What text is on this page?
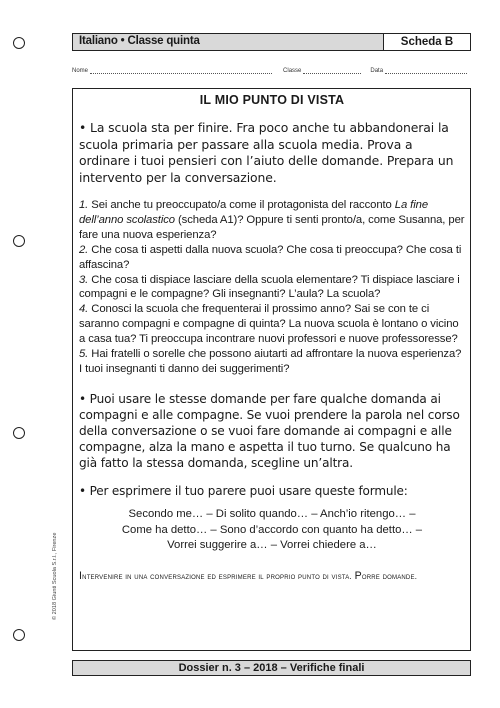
Italiano • Classe quinta	Scheda B
Nome	Classe	Data
IL MIO PUNTO DI VISTA

• La scuola sta per finire. Fra poco anche tu abbandonerai la scuola primaria per passare alla scuola media. Prova a ordinare i tuoi pensieri con l’aiuto delle domande. Prepara un intervento per la conversazione.

1. Sei anche tu preoccupato/a come il protagonista del racconto La fine dell’anno scolastico (scheda A1)? Oppure ti senti pronto/a, come Susanna, per fare una nuova esperienza?

2. Che cosa ti aspetti dalla nuova scuola? Che cosa ti preoccupa? Che cosa ti affascina?

3. Che cosa ti dispiace lasciare della scuola elementare? Ti dispiace lasciare i compagni e le compagne? Gli insegnanti? L’aula? La scuola?

4. Conosci la scuola che frequenterai il prossimo anno? Sai se con te ci saranno compagni e compagne di quinta? La nuova scuola è lontano o vicino a casa tua? Ti preoccupa incontrare nuovi professori e nuove professoresse?

5. Hai fratelli o sorelle che possono aiutarti ad affrontare la nuova esperienza? I tuoi insegnanti ti danno dei suggerimenti?

• Puoi usare le stesse domande per fare qualche domanda ai compagni e alle compagne. Se vuoi prendere la parola nel corso della conversazione o se vuoi fare domande ai compagni e alle compagne, alza la mano e aspetta il tuo turno. Se qualcuno ha già fatto la stessa domanda, scegline un’altra.

• Per esprimere il tuo parere puoi usare queste formule:

Secondo me… – Di solito quando… – Anch’io ritengo… –

Come ha detto… – Sono d’accordo con quanto ha detto… –

Vorrei suggerire a… – Vorrei chiedere a…

Intervenire in una conversazione ed esprimere il proprio punto di vista. Porre domande.
© 2018 Giunti Scuola S.r.l., Firenze
Dossier n. 3 – 2018 – Verifiche finali
